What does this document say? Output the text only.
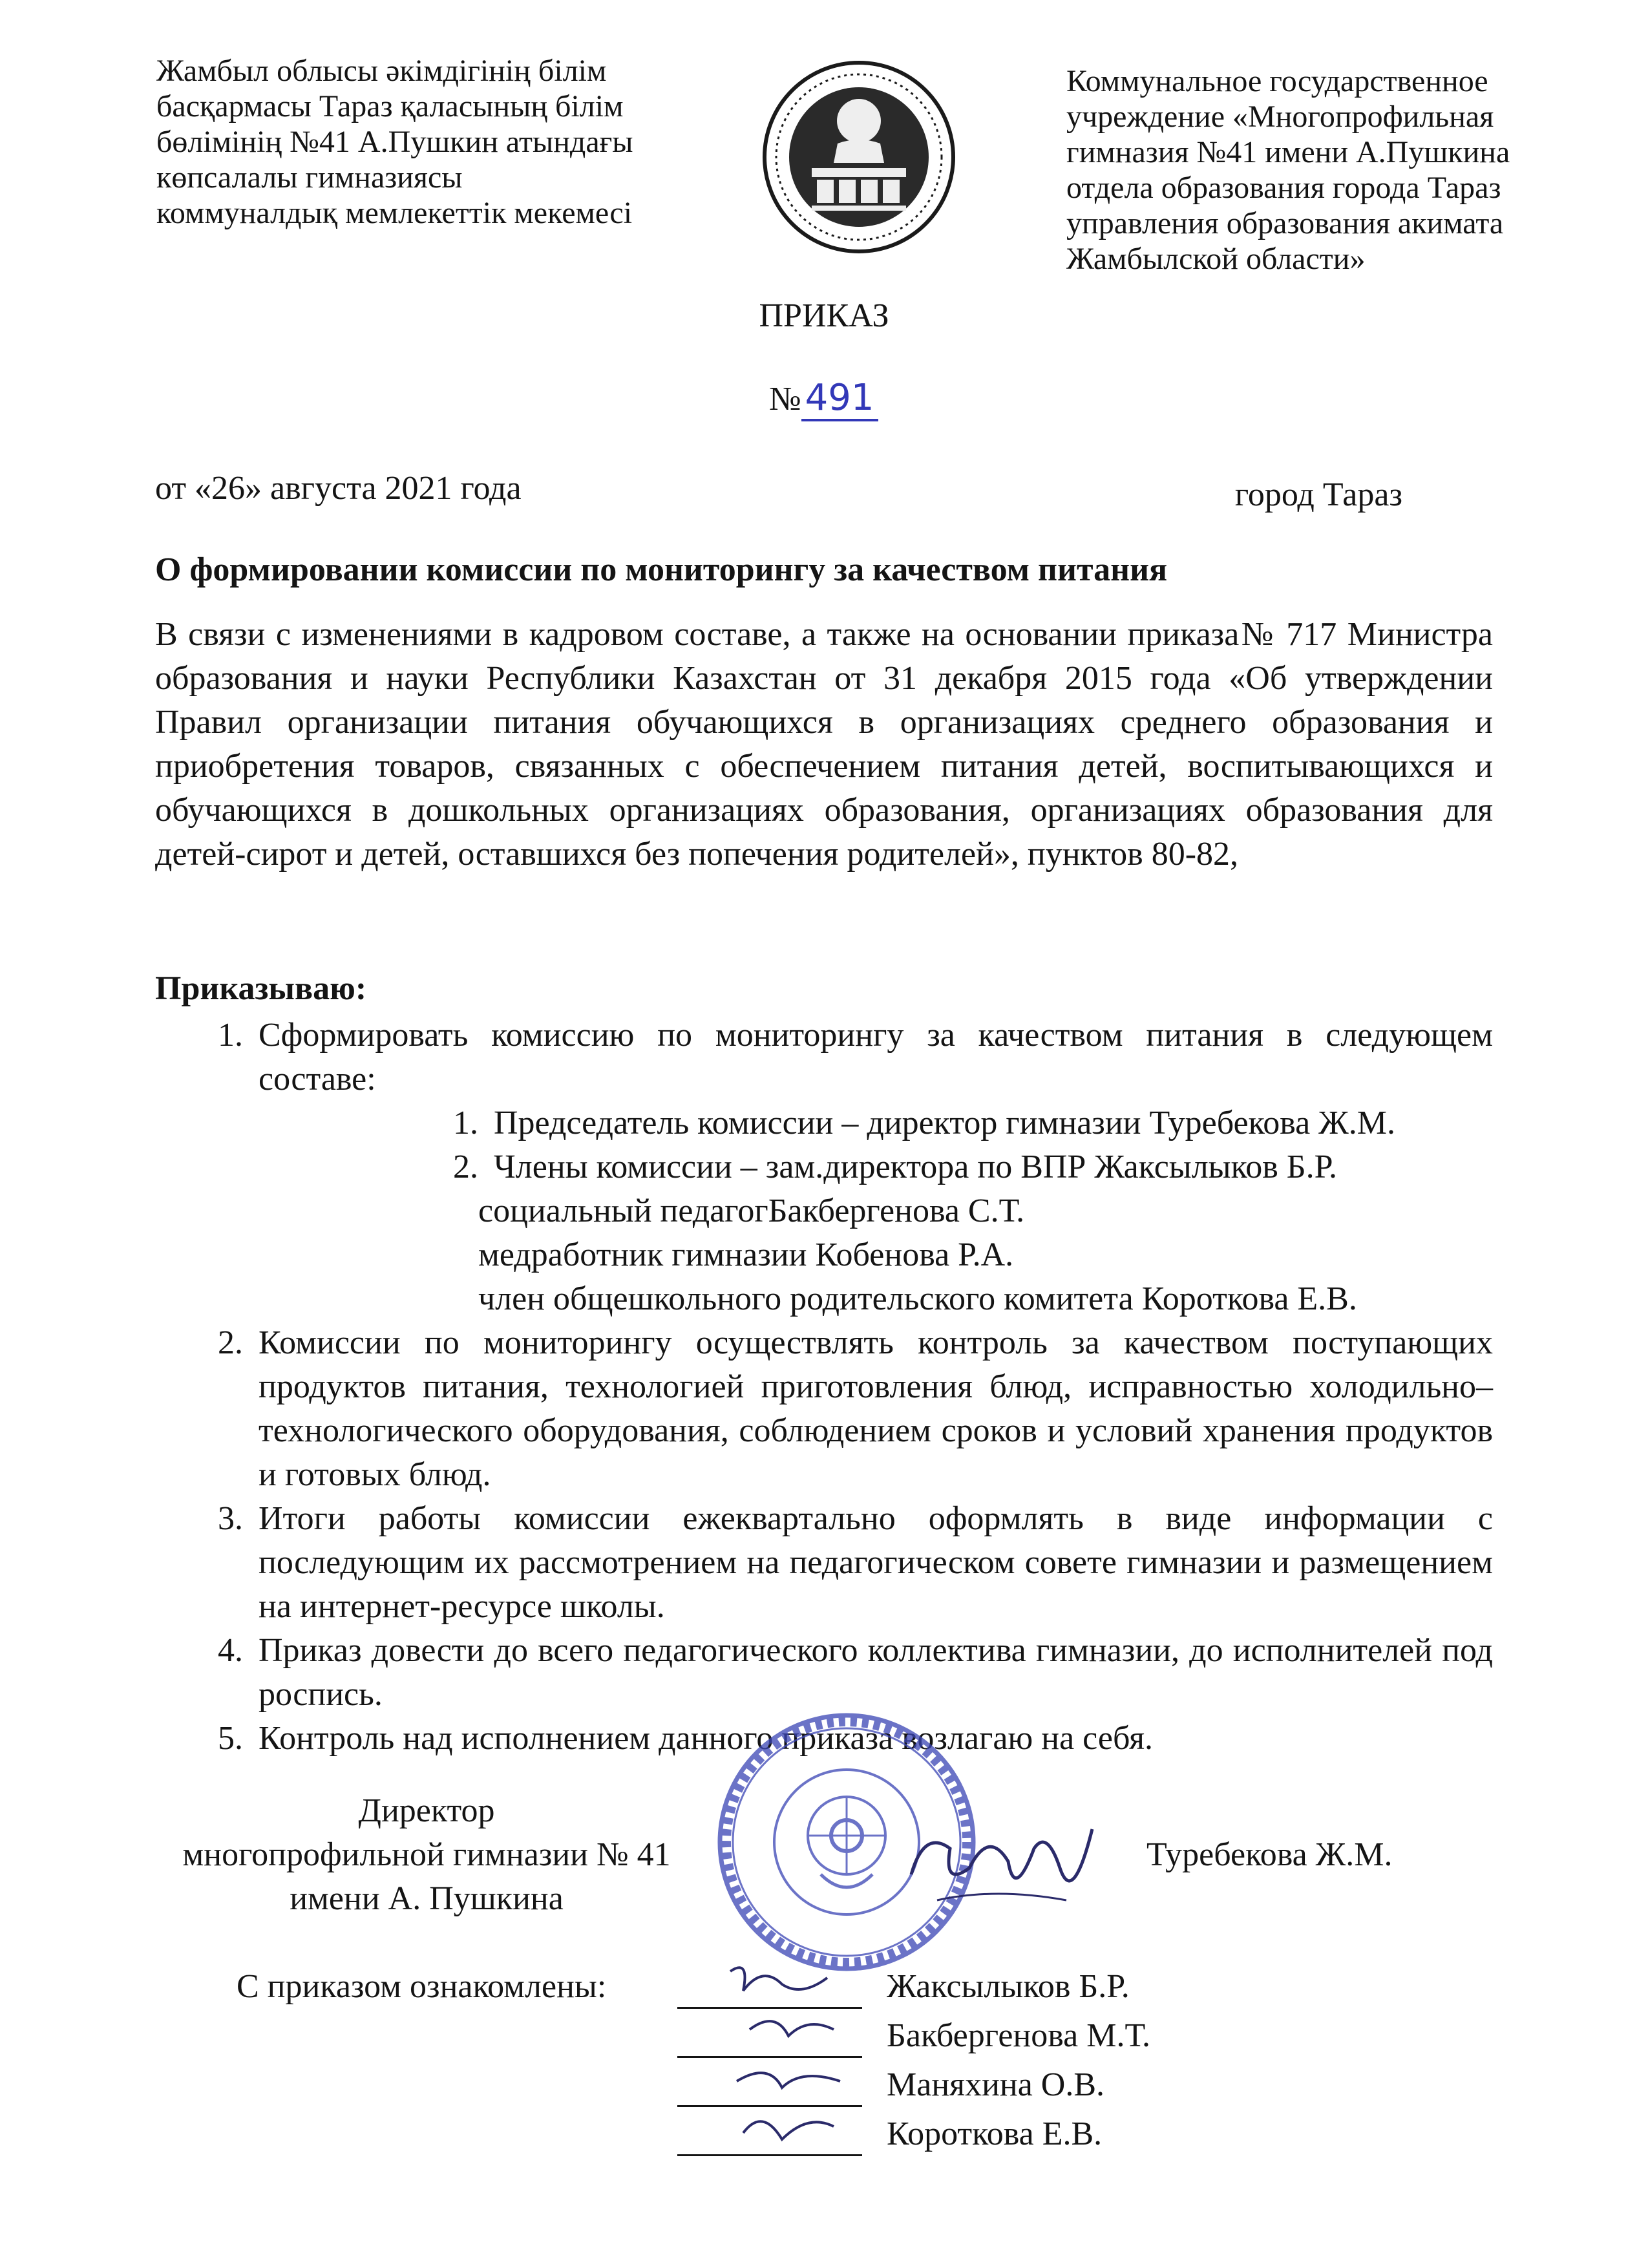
Жамбыл облысы әкімдігінің білім
басқармасы Тараз қаласының білім
бөлімінің №41 А.Пушкин атындағы
көпсалалы гимназиясы
коммуналдық мемлекеттік мекемесі
Коммунальное государственное
учреждение «Многопрофильная
гимназия №41 имени А.Пушкина
отдела образования города Тараз
управления образования акимата
Жамбылской области»
ПРИКАЗ
№ 491
от «26» августа 2021 года	город Тараз
О формировании комиссии по мониторингу за качеством питания
В связи с изменениями в кадровом составе, а также на основании приказа№ 717 Министра образования и науки Республики Казахстан от 31 декабря 2015 года «Об утверждении Правил организации питания обучающихся в организациях среднего образования и приобретения товаров, связанных с обеспечением питания детей, воспитывающихся и обучающихся в дошкольных организациях образования, организациях образования для детей-сирот и детей, оставшихся без попечения родителей», пунктов 80-82,
Приказываю:
1. Сформировать комиссию по мониторингу за качеством питания в следующем составе:
1. Председатель комиссии – директор гимназии Туребекова Ж.М.
2. Члены комиссии – зам.директора по ВПР Жаксылыков Б.Р.
социальный педагогБакбергенова С.Т.
медработник гимназии Кобенова Р.А.
член общешкольного родительского комитета Короткова Е.В.
2. Комиссии по мониторингу осуществлять контроль за качеством поступающих продуктов питания, технологией приготовления блюд, исправностью холодильно–технологического оборудования, соблюдением сроков и условий хранения продуктов и готовых блюд.
3. Итоги работы комиссии ежеквартально оформлять в виде информации с последующим их рассмотрением на педагогическом совете гимназии и размещением на интернет-ресурсе школы.
4. Приказ довести до всего педагогического коллектива гимназии, до исполнителей под роспись.
5. Контроль над исполнением данного приказа возлагаю на себя.
Директор
многопрофильной гимназии № 41
имени А. Пушкина
Туребекова Ж.М.
С приказом ознакомлены:	Жаксылыков Б.Р.
Бакбергенова М.Т.
Маняхина О.В.
Короткова Е.В.
